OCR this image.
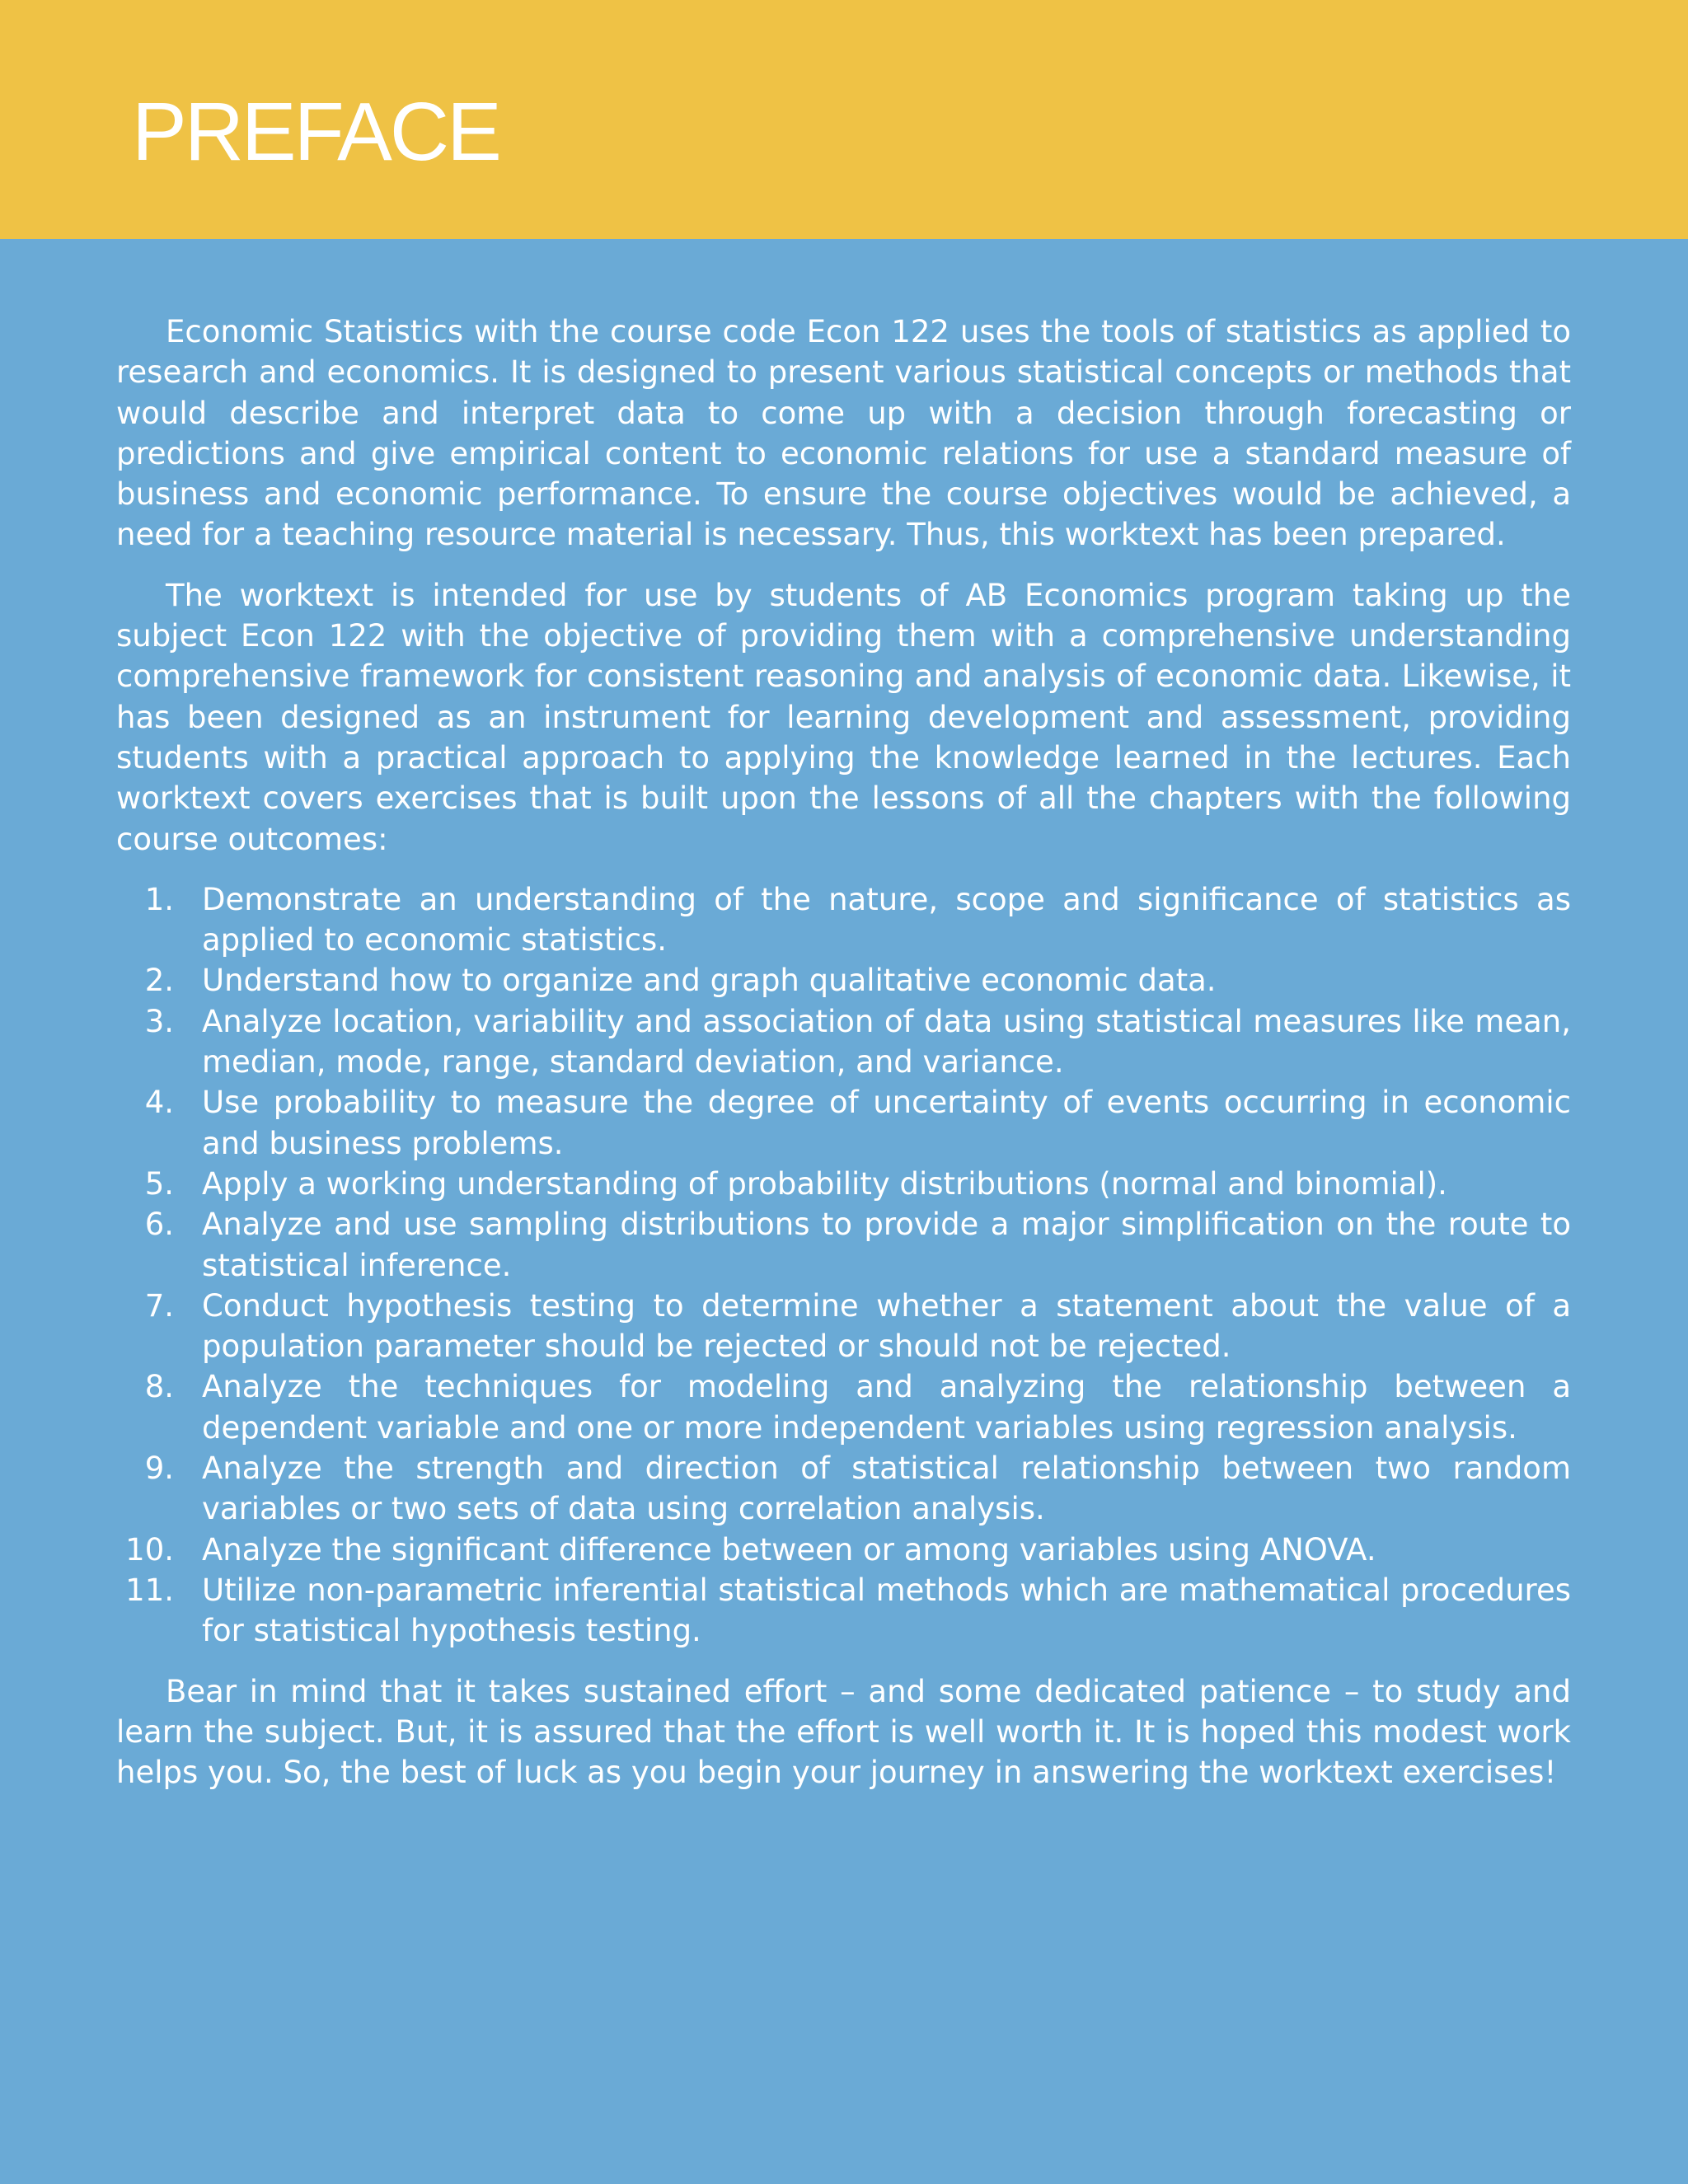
PREFACE

Economic Statistics with the course code Econ 122 uses the tools of statistics as applied to research and economics. It is designed to present various statistical concepts or methods that would describe and interpret data to come up with a decision through forecasting or predictions and give empirical content to economic relations for use a standard measure of business and economic performance. To ensure the course objectives would be achieved, a need for a teaching resource material is necessary. Thus, this worktext has been prepared.

The worktext is intended for use by students of AB Economics program taking up the subject Econ 122 with the objective of providing them with a comprehensive understanding comprehensive framework for consistent reasoning and analysis of economic data. Likewise, it has been designed as an instrument for learning development and assessment, providing students with a practical approach to applying the knowledge learned in the lectures. Each worktext covers exercises that is built upon the lessons of all the chapters with the following course outcomes:

1. Demonstrate an understanding of the nature, scope and significance of statistics as applied to economic statistics.
2. Understand how to organize and graph qualitative economic data.
3. Analyze location, variability and association of data using statistical measures like mean, median, mode, range, standard deviation, and variance.
4. Use probability to measure the degree of uncertainty of events occurring in economic and business problems.
5. Apply a working understanding of probability distributions (normal and binomial).
6. Analyze and use sampling distributions to provide a major simplification on the route to statistical inference.
7. Conduct hypothesis testing to determine whether a statement about the value of a population parameter should be rejected or should not be rejected.
8. Analyze the techniques for modeling and analyzing the relationship between a dependent variable and one or more independent variables using regression analysis.
9. Analyze the strength and direction of statistical relationship between two random variables or two sets of data using correlation analysis.
10. Analyze the significant difference between or among variables using ANOVA.
11. Utilize non-parametric inferential statistical methods which are mathematical procedures for statistical hypothesis testing.

Bear in mind that it takes sustained effort – and some dedicated patience – to study and learn the subject. But, it is assured that the effort is well worth it. It is hoped this modest work helps you. So, the best of luck as you begin your journey in answering the worktext exercises!
